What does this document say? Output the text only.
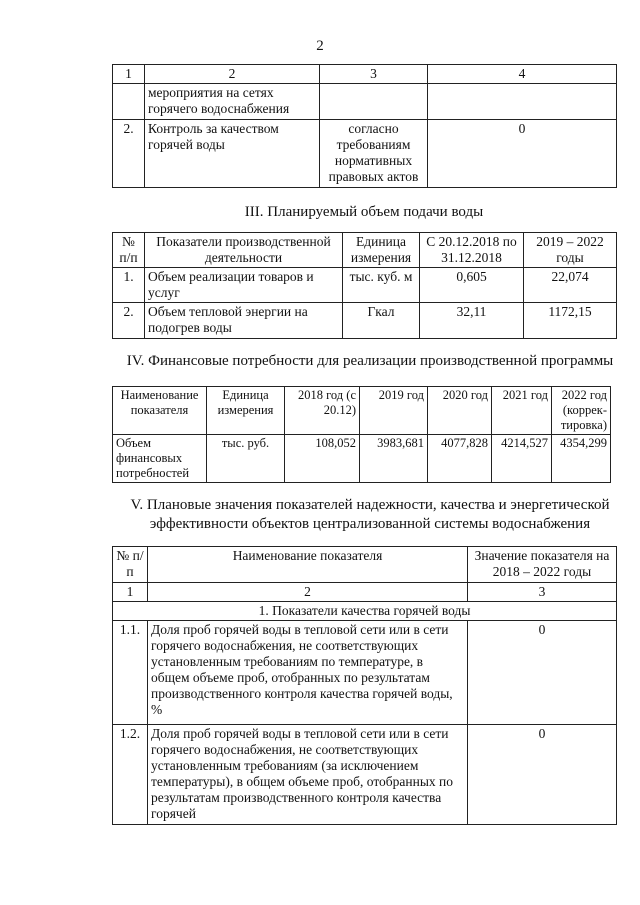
2
1	2	3	4
	мероприятия на сетях горячего водоснабжения		
2.	Контроль за качеством горячей воды	согласно требованиям нормативных правовых актов	0
III. Планируемый объем подачи воды
№ п/п	Показатели производственной деятельности	Единица измерения	С 20.12.2018 по 31.12.2018	2019 – 2022 годы
1.	Объем реализации товаров и услуг	тыс. куб. м	0,605	22,074
2.	Объем тепловой энергии на подогрев воды	Гкал	32,11	1172,15
IV. Финансовые потребности для реализации производственной программы
Наименование показателя	Единица измерения	2018 год (с 20.12)	2019 год	2020 год	2021 год	2022 год (коррек-тировка)
Объем финансовых потребностей	тыс. руб.	108,052	3983,681	4077,828	4214,527	4354,299
V. Плановые значения показателей надежности, качества и энергетической
эффективности объектов централизованной системы водоснабжения
№ п/п	Наименование показателя	Значение показателя на 2018 – 2022 годы
1	2	3
1. Показатели качества горячей воды		
1.1.	Доля проб горячей воды в тепловой сети или в сети горячего водоснабжения, не соответствующих установленным требованиям по температуре, в общем объеме проб, отобранных по результатам производственного контроля качества горячей воды, %	0
1.2.	Доля проб горячей воды в тепловой сети или в сети горячего водоснабжения, не соответствующих установленным требованиям (за исключением температуры), в общем объеме проб, отобранных по результатам производственного контроля качества горячей	0
